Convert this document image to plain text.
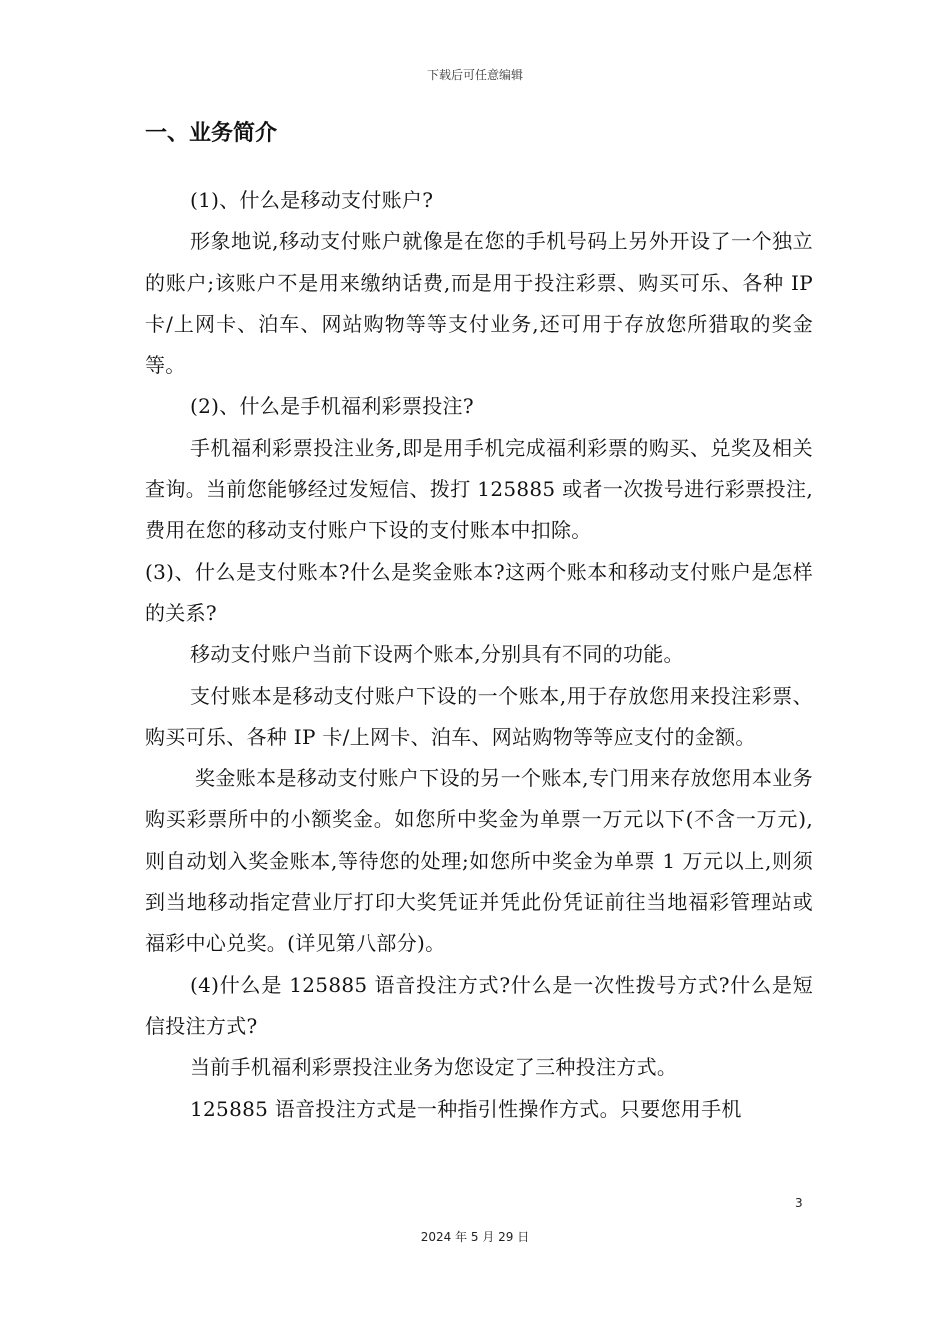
下载后可任意编辑
一、业务简介

(1)、什么是移动支付账户?

形象地说,移动支付账户就像是在您的手机号码上另外开设了一个独立的账户;该账户不是用来缴纳话费,而是用于投注彩票、购买可乐、各种 IP 卡/上网卡、泊车、网站购物等等支付业务,还可用于存放您所猎取的奖金等。

(2)、什么是手机福利彩票投注?

手机福利彩票投注业务,即是用手机完成福利彩票的购买、兑奖及相关查询。当前您能够经过发短信、拨打 125885 或者一次拨号进行彩票投注,费用在您的移动支付账户下设的支付账本中扣除。

(3)、什么是支付账本?什么是奖金账本?这两个账本和移动支付账户是怎样的关系?

移动支付账户当前下设两个账本,分别具有不同的功能。

支付账本是移动支付账户下设的一个账本,用于存放您用来投注彩票、购买可乐、各种 IP 卡/上网卡、泊车、网站购物等等应支付的金额。

奖金账本是移动支付账户下设的另一个账本,专门用来存放您用本业务购买彩票所中的小额奖金。如您所中奖金为单票一万元以下(不含一万元),则自动划入奖金账本,等待您的处理;如您所中奖金为单票 1 万元以上,则须到当地移动指定营业厅打印大奖凭证并凭此份凭证前往当地福彩管理站或福彩中心兑奖。(详见第八部分)。

(4)什么是 125885 语音投注方式?什么是一次性拨号方式?什么是短信投注方式?

当前手机福利彩票投注业务为您设定了三种投注方式。

125885 语音投注方式是一种指引性操作方式。只要您用手机

3
2024 年 5 月 29 日
